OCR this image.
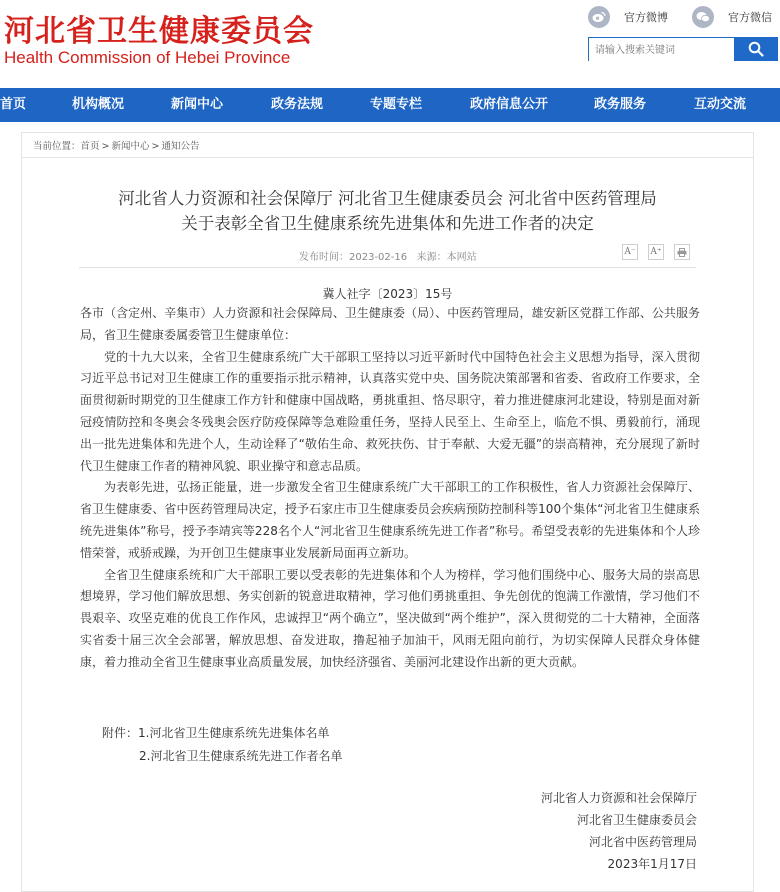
河北省卫生健康委员会
Health Commission of Hebei Province
官方微博	官方微信
请输入搜索关键词
首页	机构概况	新闻中心	政务法规	专题专栏	政府信息公开	政务服务	互动交流
当前位置：首页 > 新闻中心 > 通知公告
河北省人力资源和社会保障厅 河北省卫生健康委员会 河北省中医药管理局
关于表彰全省卫生健康系统先进集体和先进工作者的决定
发布时间：2023-02-16 来源：本网站	A⁻ A⁺
冀人社字〔2023〕15号

各市（含定州、辛集市）人力资源和社会保障局、卫生健康委（局）、中医药管理局，雄安新区党群工作部、公共服务局，省卫生健康委属委管卫生健康单位：

党的十九大以来，全省卫生健康系统广大干部职工坚持以习近平新时代中国特色社会主义思想为指导，深入贯彻习近平总书记对卫生健康工作的重要指示批示精神，认真落实党中央、国务院决策部署和省委、省政府工作要求，全面贯彻新时期党的卫生健康工作方针和健康中国战略，勇挑重担、恪尽职守，着力推进健康河北建设，特别是面对新冠疫情防控和冬奥会冬残奥会医疗防疫保障等急难险重任务，坚持人民至上、生命至上，临危不惧、勇毅前行，涌现出一批先进集体和先进个人，生动诠释了“敬佑生命、救死扶伤、甘于奉献、大爱无疆”的崇高精神，充分展现了新时代卫生健康工作者的精神风貌、职业操守和意志品质。

为表彰先进，弘扬正能量，进一步激发全省卫生健康系统广大干部职工的工作积极性，省人力资源社会保障厅、省卫生健康委、省中医药管理局决定，授予石家庄市卫生健康委员会疾病预防控制科等100个集体“河北省卫生健康系统先进集体”称号，授予李靖宾等228名个人“河北省卫生健康系统先进工作者”称号。希望受表彰的先进集体和个人珍惜荣誉，戒骄戒躁，为开创卫生健康事业发展新局面再立新功。

全省卫生健康系统和广大干部职工要以受表彰的先进集体和个人为榜样，学习他们围绕中心、服务大局的崇高思想境界，学习他们解放思想、务实创新的锐意进取精神，学习他们勇挑重担、争先创优的饱满工作激情，学习他们不畏艰辛、攻坚克难的优良工作作风，忠诚捍卫“两个确立”，坚决做到“两个维护”，深入贯彻党的二十大精神，全面落实省委十届三次全会部署，解放思想、奋发进取，撸起袖子加油干，风雨无阻向前行，为切实保障人民群众身体健康，着力推动全省卫生健康事业高质量发展，加快经济强省、美丽河北建设作出新的更大贡献。

附件：1.河北省卫生健康系统先进集体名单
2.河北省卫生健康系统先进工作者名单
河北省人力资源和社会保障厅
河北省卫生健康委员会
河北省中医药管理局
2023年1月17日
